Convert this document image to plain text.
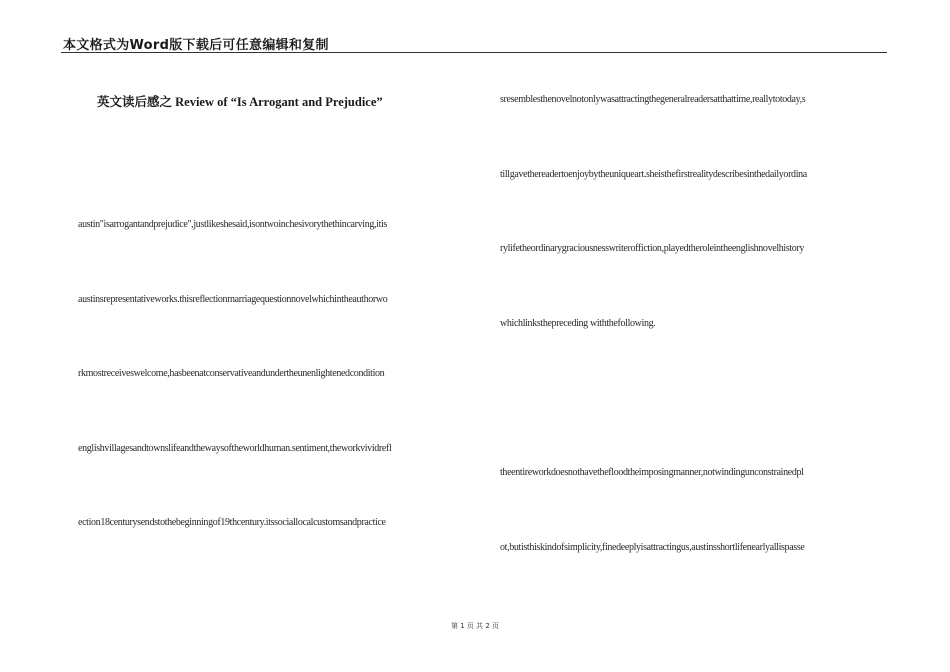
本文格式为Word版下载后可任意编辑和复制
英文读后感之 Review of “Is Arrogant and Prejudice”
austin"isarrogantandprejudice",justlikeshesaid,isontwoinchesivorythethincarving,itis
austinsrepresentativeworks.thisreflectionmarriagequestionnovelwhichintheauthorwo
rkmostreceiveswelcome,hasbeenatconservativeandundertheunenlightenedcondition
englishvillagesandtownslifeandthewaysoftheworldhuman.sentiment,theworkvividrefl
ection18centurysendstothebeginningof19thcentury.itssociallocalcustomsandpractice
sresemblesthenovelnotonlywasattractingthegeneralreadersatthattime,reallytotoday,s
tillgavethereadertoenjoybytheuniqueart.sheisthefirstrealitydescribesinthedailyordina
rylifetheordinarygraciousnesswriteroffiction,playedtheroleintheenglishnovelhistory
whichlinksthepreceding withthefollowing.
theentireworkdoesnothavethefloodtheimposingmanner,notwindingunconstrainedpl
ot,butisthiskindofsimplicity,finedeeplyisattractingus,austinsshortlifenearlyallispasse
第 1 页 共 2 页
